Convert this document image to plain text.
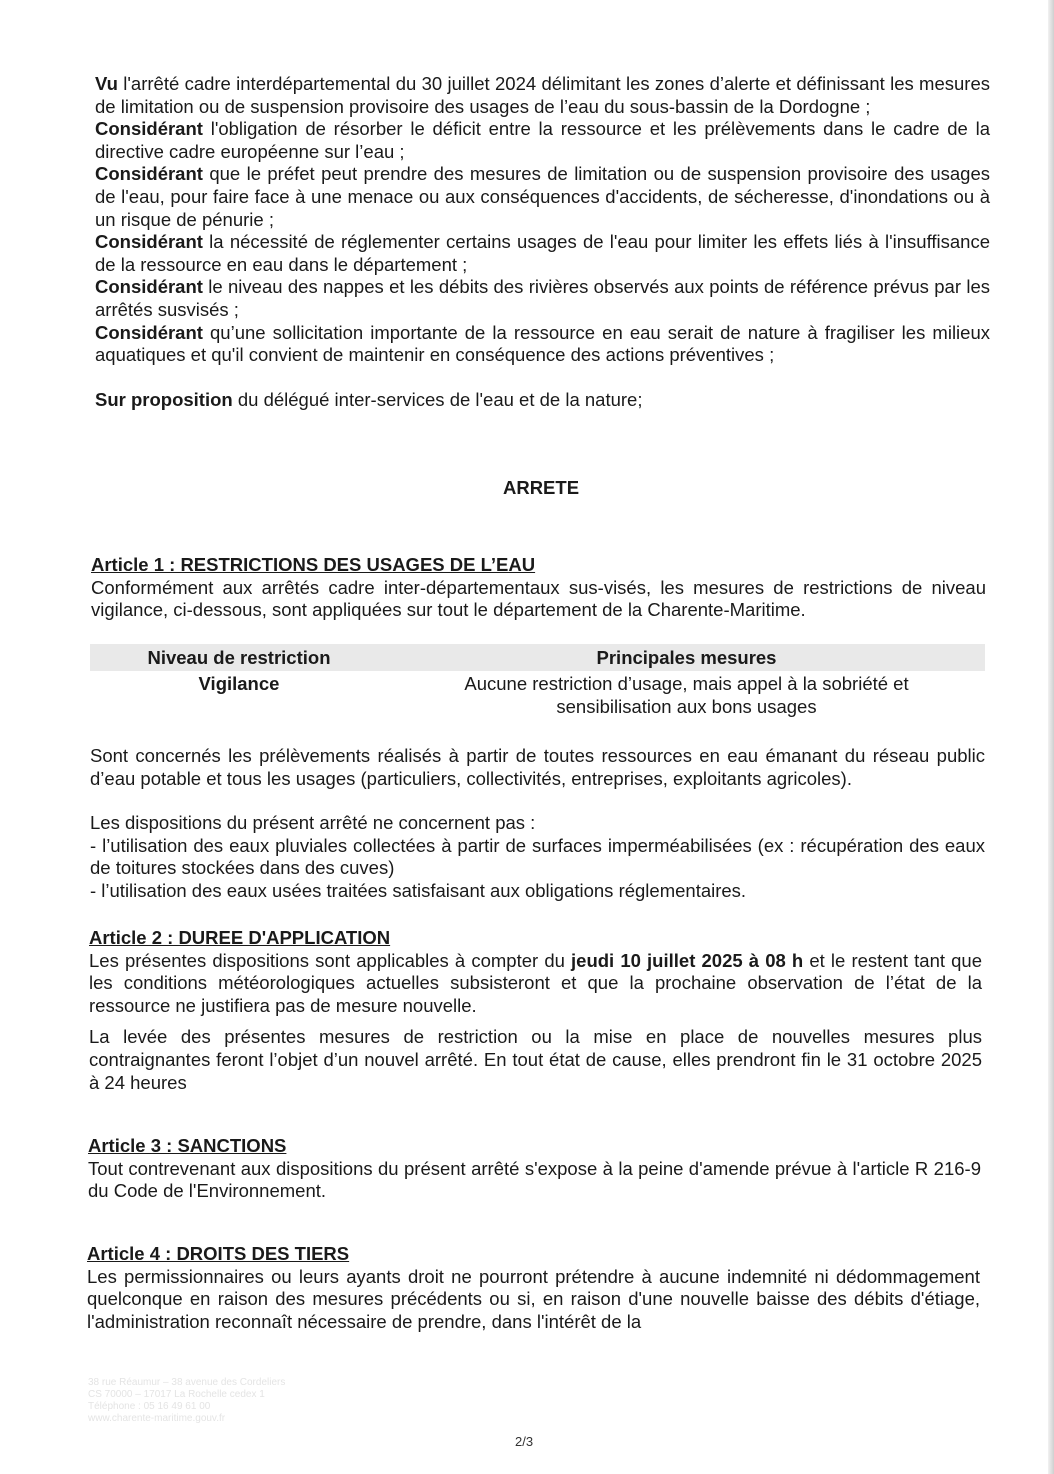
Vu l'arrêté cadre interdépartemental du 30 juillet 2024 délimitant les zones d’alerte et définissant les mesures de limitation ou de suspension provisoire des usages de l’eau du sous-bassin de la Dordogne ;

Considérant l'obligation de résorber le déficit entre la ressource et les prélèvements dans le cadre de la directive cadre européenne sur l’eau ;

Considérant que le préfet peut prendre des mesures de limitation ou de suspension provisoire des usages de l'eau, pour faire face à une menace ou aux conséquences d'accidents, de sécheresse, d'inondations ou à un risque de pénurie ;

Considérant la nécessité de réglementer certains usages de l'eau pour limiter les effets liés à l'insuffisance de la ressource en eau dans le département ;

Considérant le niveau des nappes et les débits des rivières observés aux points de référence prévus par les arrêtés susvisés ;

Considérant qu’une sollicitation importante de la ressource en eau serait de nature à fragiliser les milieux aquatiques et qu'il convient de maintenir en conséquence des actions préventives ;

Sur proposition du délégué inter-services de l'eau et de la nature;

ARRETE

Article 1 : RESTRICTIONS DES USAGES DE L’EAU

Conformément aux arrêtés cadre inter-départementaux sus-visés, les mesures de restrictions de niveau vigilance, ci-dessous, sont appliquées sur tout le département de la Charente-Maritime.

Niveau de restriction	Principales mesures
Vigilance	Aucune restriction d’usage, mais appel à la sobriété et
sensibilisation aux bons usages

Sont concernés les prélèvements réalisés à partir de toutes ressources en eau émanant du réseau public d’eau potable et tous les usages (particuliers, collectivités, entreprises, exploitants agricoles).

Les dispositions du présent arrêté ne concernent pas :

- l’utilisation des eaux pluviales collectées à partir de surfaces imperméabilisées (ex : récupération des eaux de toitures stockées dans des cuves)

- l’utilisation des eaux usées traitées satisfaisant aux obligations réglementaires.

Article 2 : DUREE D'APPLICATION

Les présentes dispositions sont applicables à compter du jeudi 10 juillet 2025 à 08 h et le restent tant que les conditions météorologiques actuelles subsisteront et que la prochaine observation de l’état de la ressource ne justifiera pas de mesure nouvelle.

La levée des présentes mesures de restriction ou la mise en place de nouvelles mesures plus contraignantes feront l’objet d’un nouvel arrêté. En tout état de cause, elles prendront fin le 31 octobre 2025 à 24 heures

Article 3 : SANCTIONS

Tout contrevenant aux dispositions du présent arrêté s'expose à la peine d'amende prévue à l'article R 216-9 du Code de l'Environnement.

Article 4 : DROITS DES TIERS

Les permissionnaires ou leurs ayants droit ne pourront prétendre à aucune indemnité ni dédommagement quelconque en raison des mesures précédents ou si, en raison d'une nouvelle baisse des débits d'étiage, l'administration reconnaît nécessaire de prendre, dans l'intérêt de la

38 rue Réaumur – 38 avenue des Cordeliers
CS 70000 – 17017 La Rochelle cedex 1
Téléphone : 05 16 49 61 00
www.charente-maritime.gouv.fr
2/3
